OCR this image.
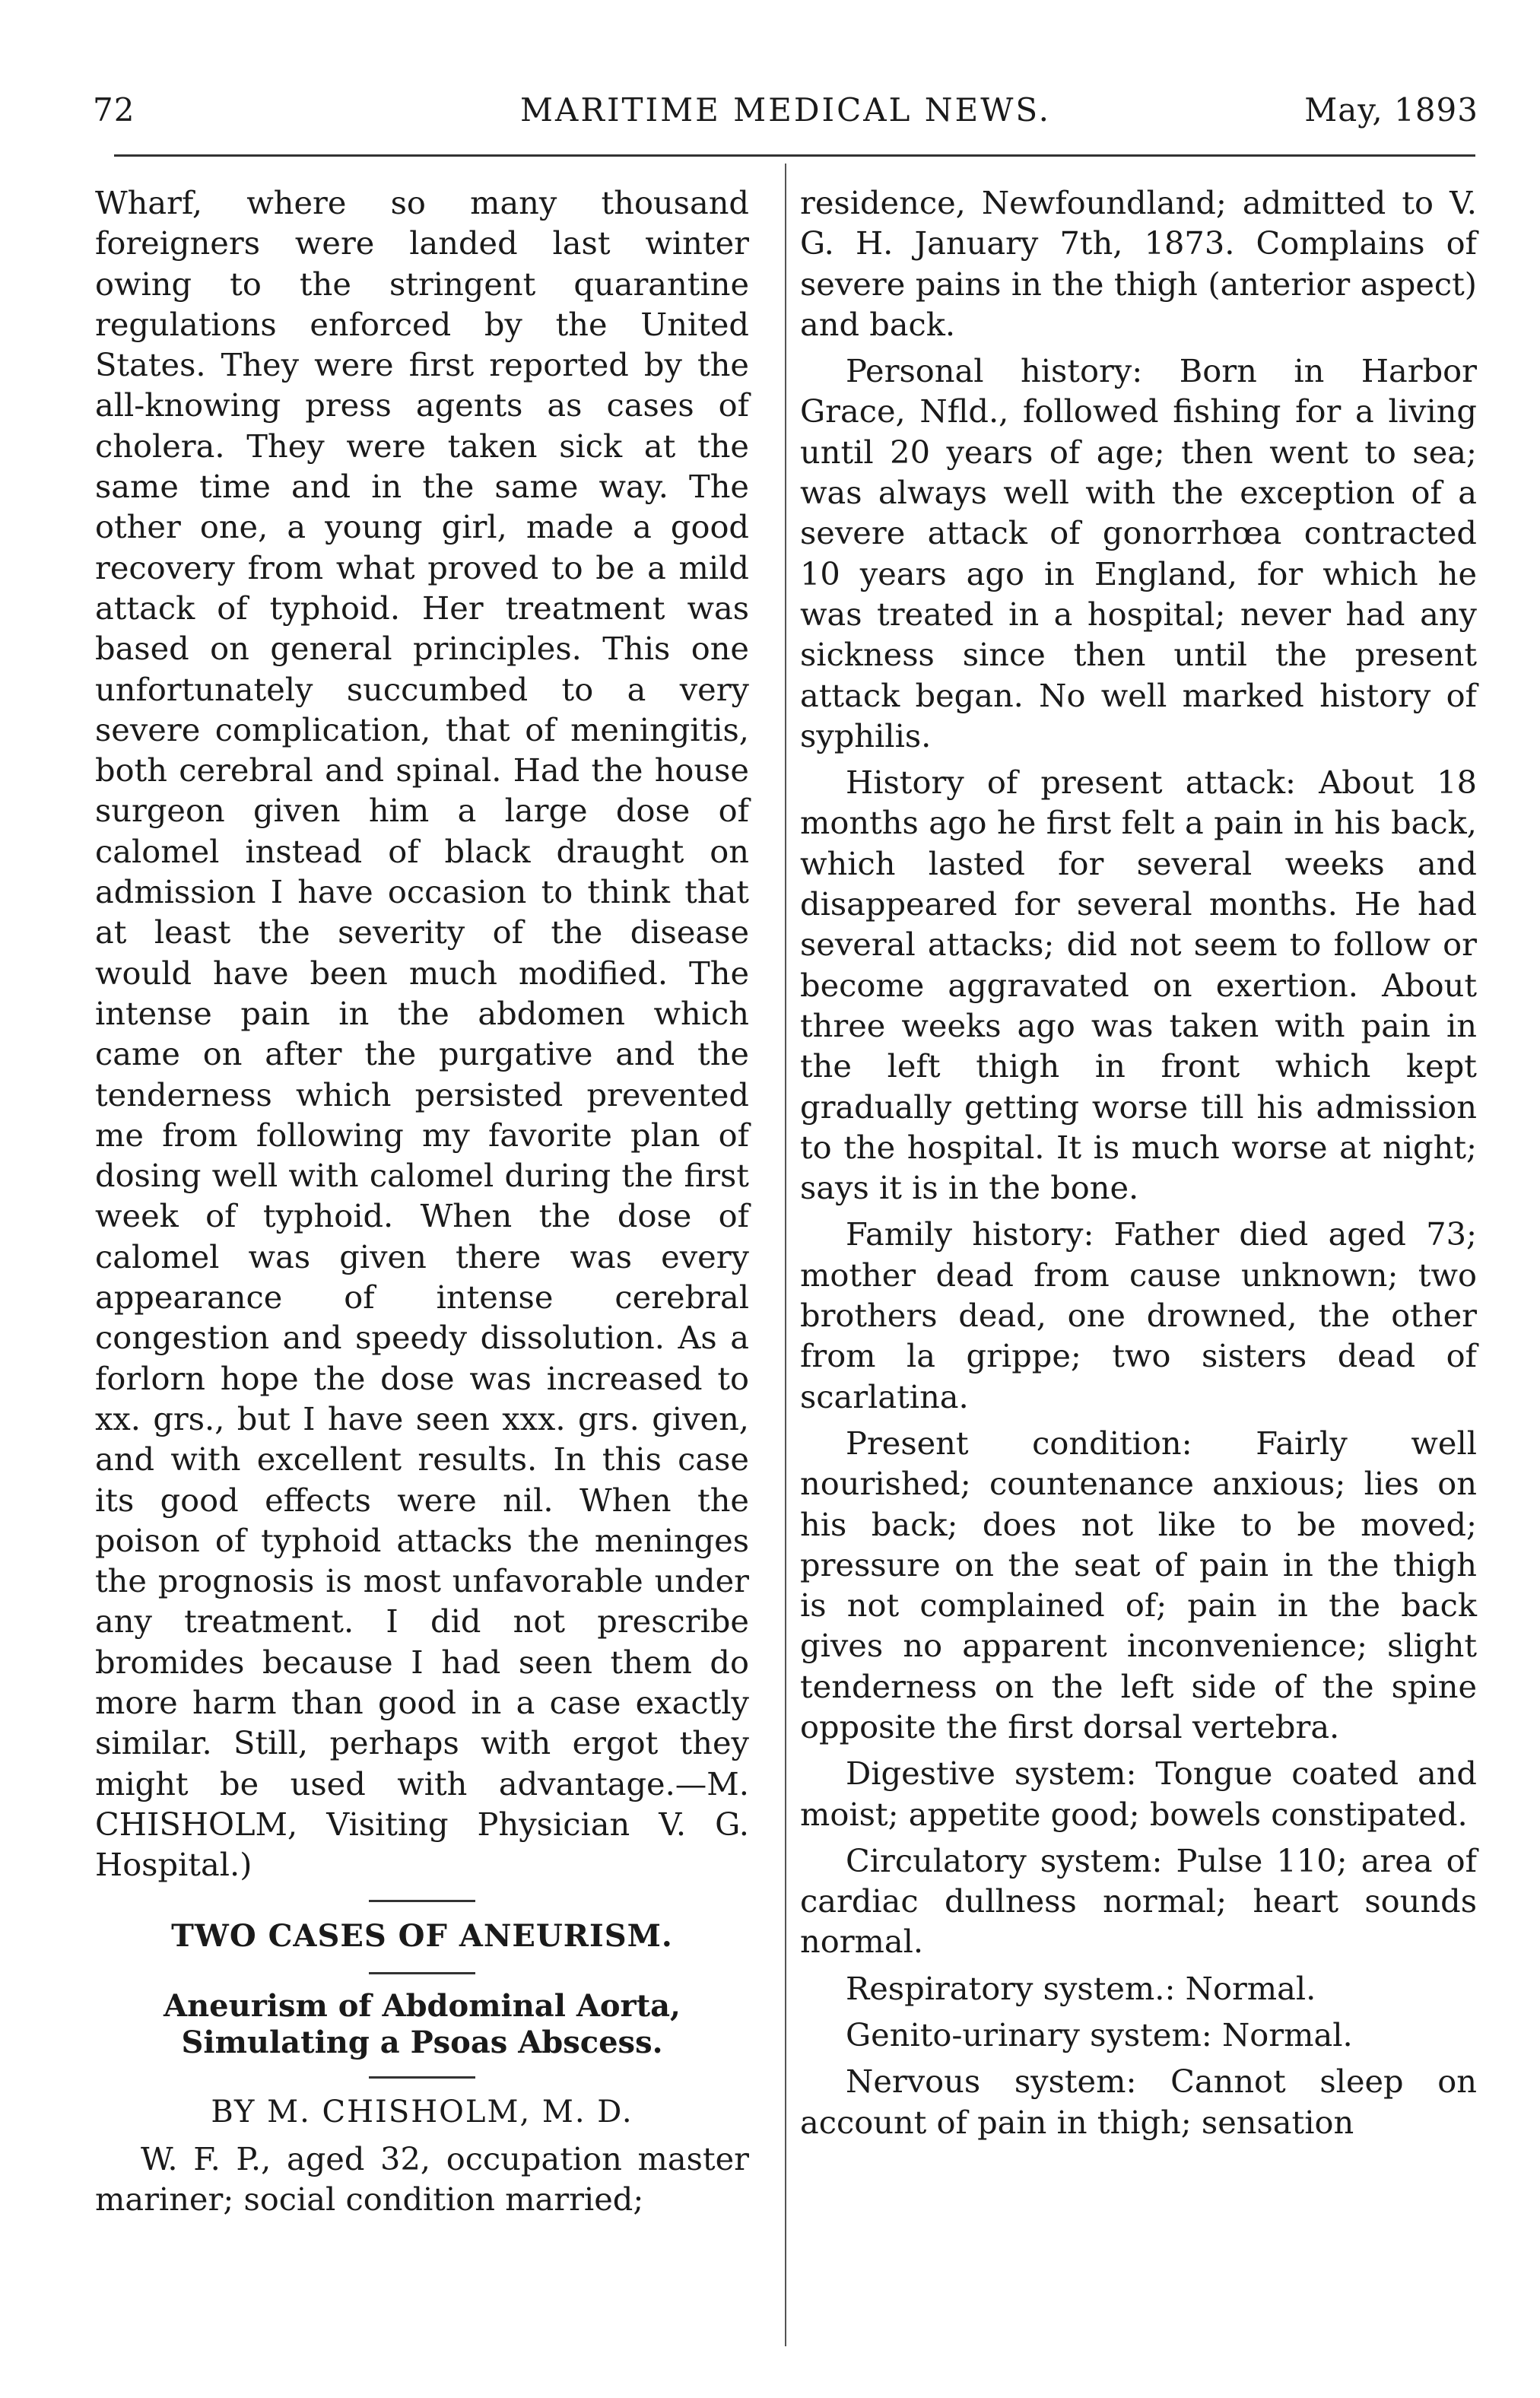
72	MARITIME MEDICAL NEWS.	May, 1893

Wharf, where so many thousand foreigners were landed last winter owing to the stringent quarantine regulations enforced by the United States. They were first reported by the all-knowing press agents as cases of cholera. They were taken sick at the same time and in the same way. The other one, a young girl, made a good recovery from what proved to be a mild attack of typhoid. Her treatment was based on general principles. This one unfortunately succumbed to a very severe complication, that of meningitis, both cerebral and spinal. Had the house surgeon given him a large dose of calomel instead of black draught on admission I have occasion to think that at least the severity of the disease would have been much modified. The intense pain in the abdomen which came on after the purgative and the tenderness which persisted prevented me from following my favorite plan of dosing well with calomel during the first week of typhoid. When the dose of calomel was given there was every appearance of intense cerebral congestion and speedy dissolution. As a forlorn hope the dose was increased to xx. grs., but I have seen xxx. grs. given, and with excellent results. In this case its good effects were nil. When the poison of typhoid attacks the meninges the prognosis is most unfavorable under any treatment. I did not prescribe bromides because I had seen them do more harm than good in a case exactly similar. Still, perhaps with ergot they might be used with advantage.—M. CHISHOLM, Visiting Physician V. G. Hospital.)

TWO CASES OF ANEURISM.

Aneurism of Abdominal Aorta, Simulating a Psoas Abscess.

BY M. CHISHOLM, M. D.

W. F. P., aged 32, occupation master mariner; social condition married;

residence, Newfoundland; admitted to V. G. H. January 7th, 1873. Complains of severe pains in the thigh (anterior aspect) and back.

Personal history: Born in Harbor Grace, Nfld., followed fishing for a living until 20 years of age; then went to sea; was always well with the exception of a severe attack of gonorrhœa contracted 10 years ago in England, for which he was treated in a hospital; never had any sickness since then until the present attack began. No well marked history of syphilis.

History of present attack: About 18 months ago he first felt a pain in his back, which lasted for several weeks and disappeared for several months. He had several attacks; did not seem to follow or become aggravated on exertion. About three weeks ago was taken with pain in the left thigh in front which kept gradually getting worse till his admission to the hospital. It is much worse at night; says it is in the bone.

Family history: Father died aged 73; mother dead from cause unknown; two brothers dead, one drowned, the other from la grippe; two sisters dead of scarlatina.

Present condition: Fairly well nourished; countenance anxious; lies on his back; does not like to be moved; pressure on the seat of pain in the thigh is not complained of; pain in the back gives no apparent inconvenience; slight tenderness on the left side of the spine opposite the first dorsal vertebra.

Digestive system: Tongue coated and moist; appetite good; bowels constipated.

Circulatory system: Pulse 110; area of cardiac dullness normal; heart sounds normal.

Respiratory system.: Normal.

Genito-urinary system: Normal.

Nervous system: Cannot sleep on account of pain in thigh; sensation
